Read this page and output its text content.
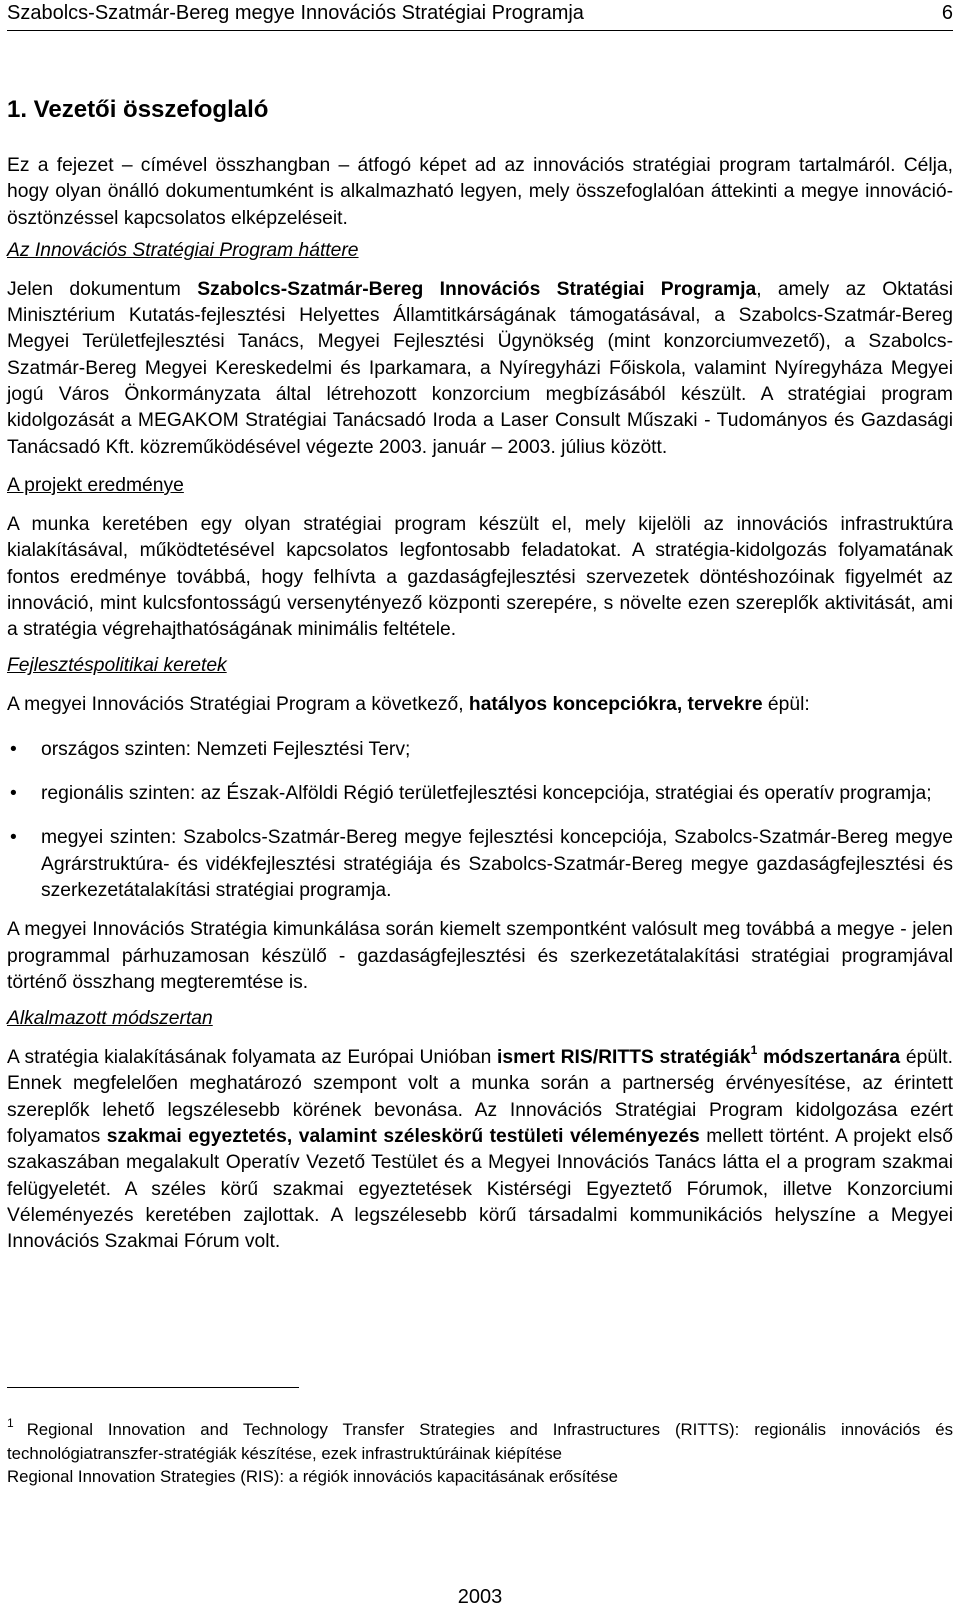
Szabolcs-Szatmár-Bereg megye Innovációs Stratégiai Programja	6
1. Vezetői összefoglaló

Ez a fejezet – címével összhangban – átfogó képet ad az innovációs stratégiai program tartalmáról. Célja, hogy olyan önálló dokumentumként is alkalmazható legyen, mely összefoglalóan áttekinti a megye innováció-ösztönzéssel kapcsolatos elképzeléseit.

Az Innovációs Stratégiai Program háttere

Jelen dokumentum Szabolcs-Szatmár-Bereg Innovációs Stratégiai Programja, amely az Oktatási Minisztérium Kutatás-fejlesztési Helyettes Államtitkárságának támogatásával, a Szabolcs-Szatmár-Bereg Megyei Területfejlesztési Tanács, Megyei Fejlesztési Ügynökség (mint konzorciumvezető), a Szabolcs-Szatmár-Bereg Megyei Kereskedelmi és Iparkamara, a Nyíregyházi Főiskola, valamint Nyíregyháza Megyei jogú Város Önkormányzata által létrehozott konzorcium megbízásából készült. A stratégiai program kidolgozását a MEGAKOM Stratégiai Tanácsadó Iroda a Laser Consult Műszaki - Tudományos és Gazdasági Tanácsadó Kft. közreműködésével végezte 2003. január – 2003. július között.

A projekt eredménye

A munka keretében egy olyan stratégiai program készült el, mely kijelöli az innovációs infrastruktúra kialakításával, működtetésével kapcsolatos legfontosabb feladatokat. A stratégia-kidolgozás folyamatának fontos eredménye továbbá, hogy felhívta a gazdaságfejlesztési szervezetek döntéshozóinak figyelmét az innováció, mint kulcsfontosságú versenytényező központi szerepére, s növelte ezen szereplők aktivitását, ami a stratégia végrehajthatóságának minimális feltétele.

Fejlesztéspolitikai keretek

A megyei Innovációs Stratégiai Program a következő, hatályos koncepciókra, tervekre épül:

• országos szinten: Nemzeti Fejlesztési Terv;
• regionális szinten: az Észak-Alföldi Régió területfejlesztési koncepciója, stratégiai és operatív programja;
• megyei szinten: Szabolcs-Szatmár-Bereg megye fejlesztési koncepciója, Szabolcs-Szatmár-Bereg megye Agrárstruktúra- és vidékfejlesztési stratégiája és Szabolcs-Szatmár-Bereg megye gazdaságfejlesztési és szerkezetátalakítási stratégiai programja.

A megyei Innovációs Stratégia kimunkálása során kiemelt szempontként valósult meg továbbá a megye - jelen programmal párhuzamosan készülő - gazdaságfejlesztési és szerkezetátalakítási stratégiai programjával történő összhang megteremtése is.

Alkalmazott módszertan

A stratégia kialakításának folyamata az Európai Unióban ismert RIS/RITTS stratégiák$^1$ módszertanára épült. Ennek megfelelően meghatározó szempont volt a munka során a partnerség érvényesítése, az érintett szereplők lehető legszélesebb körének bevonása. Az Innovációs Stratégiai Program kidolgozása ezért folyamatos szakmai egyeztetés, valamint széleskörű testületi véleményezés mellett történt. A projekt első szakaszában megalakult Operatív Vezető Testület és a Megyei Innovációs Tanács látta el a program szakmai felügyeletét. A széles körű szakmai egyeztetések Kistérségi Egyeztető Fórumok, illetve Konzorciumi Véleményezés keretében zajlottak. A legszélesebb körű társadalmi kommunikációs helyszíne a Megyei Innovációs Szakmai Fórum volt.

$^1$ Regional Innovation and Technology Transfer Strategies and Infrastructures (RITTS): regionális innovációs és technológiatranszfer-stratégiák készítése, ezek infrastruktúráinak kiépítése

Regional Innovation Strategies (RIS): a régiók innovációs kapacitásának erősítése

2003
